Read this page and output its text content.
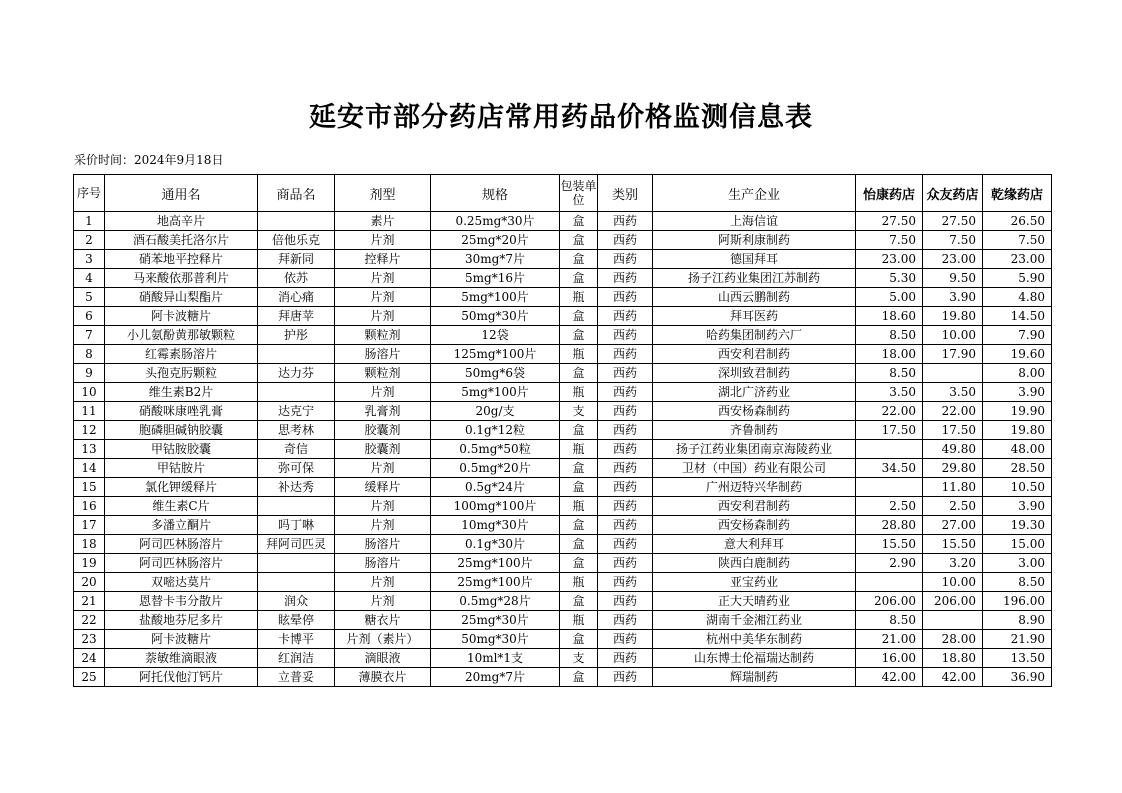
延安市部分药店常用药品价格监测信息表
采价时间：2024年9月18日
序号	通用名	商品名	剂型	规格	包装单位	类别	生产企业	怡康药店	众友药店	乾缘药店
1	地高辛片		素片	0.25mg*30片	盒	西药	上海信谊	27.50	27.50	26.50
2	酒石酸美托洛尔片	倍他乐克	片剂	25mg*20片	盒	西药	阿斯利康制药	7.50	7.50	7.50
3	硝苯地平控释片	拜新同	控释片	30mg*7片	盒	西药	德国拜耳	23.00	23.00	23.00
4	马来酸依那普利片	依苏	片剂	5mg*16片	盒	西药	扬子江药业集团江苏制药	5.30	9.50	5.90
5	硝酸异山梨酯片	消心痛	片剂	5mg*100片	瓶	西药	山西云鹏制药	5.00	3.90	4.80
6	阿卡波糖片	拜唐苹	片剂	50mg*30片	盒	西药	拜耳医药	18.60	19.80	14.50
7	小儿氨酚黄那敏颗粒	护彤	颗粒剂	12袋	盒	西药	哈药集团制药六厂	8.50	10.00	7.90
8	红霉素肠溶片		肠溶片	125mg*100片	瓶	西药	西安利君制药	18.00	17.90	19.60
9	头孢克肟颗粒	达力芬	颗粒剂	50mg*6袋	盒	西药	深圳致君制药	8.50		8.00
10	维生素B2片		片剂	5mg*100片	瓶	西药	湖北广济药业	3.50	3.50	3.90
11	硝酸咪康唑乳膏	达克宁	乳膏剂	20g/支	支	西药	西安杨森制药	22.00	22.00	19.90
12	胞磷胆碱钠胶囊	思考林	胶囊剂	0.1g*12粒	盒	西药	齐鲁制药	17.50	17.50	19.80
13	甲钴胺胶囊	奇信	胶囊剂	0.5mg*50粒	瓶	西药	扬子江药业集团南京海陵药业		49.80	48.00
14	甲钴胺片	弥可保	片剂	0.5mg*20片	盒	西药	卫材（中国）药业有限公司	34.50	29.80	28.50
15	氯化钾缓释片	补达秀	缓释片	0.5g*24片	盒	西药	广州迈特兴华制药		11.80	10.50
16	维生素C片		片剂	100mg*100片	瓶	西药	西安利君制药	2.50	2.50	3.90
17	多潘立酮片	吗丁啉	片剂	10mg*30片	盒	西药	西安杨森制药	28.80	27.00	19.30
18	阿司匹林肠溶片	拜阿司匹灵	肠溶片	0.1g*30片	盒	西药	意大利拜耳	15.50	15.50	15.00
19	阿司匹林肠溶片		肠溶片	25mg*100片	盒	西药	陕西白鹿制药	2.90	3.20	3.00
20	双嘧达莫片		片剂	25mg*100片	瓶	西药	亚宝药业		10.00	8.50
21	恩替卡韦分散片	润众	片剂	0.5mg*28片	盒	西药	正大天晴药业	206.00	206.00	196.00
22	盐酸地芬尼多片	眩晕停	糖衣片	25mg*30片	瓶	西药	湖南千金湘江药业	8.50		8.90
23	阿卡波糖片	卡博平	片剂（素片）	50mg*30片	盒	西药	杭州中美华东制药	21.00	28.00	21.90
24	萘敏维滴眼液	红润洁	滴眼液	10ml*1支	支	西药	山东博士伦福瑞达制药	16.00	18.80	13.50
25	阿托伐他汀钙片	立普妥	薄膜衣片	20mg*7片	盒	西药	辉瑞制药	42.00	42.00	36.90
